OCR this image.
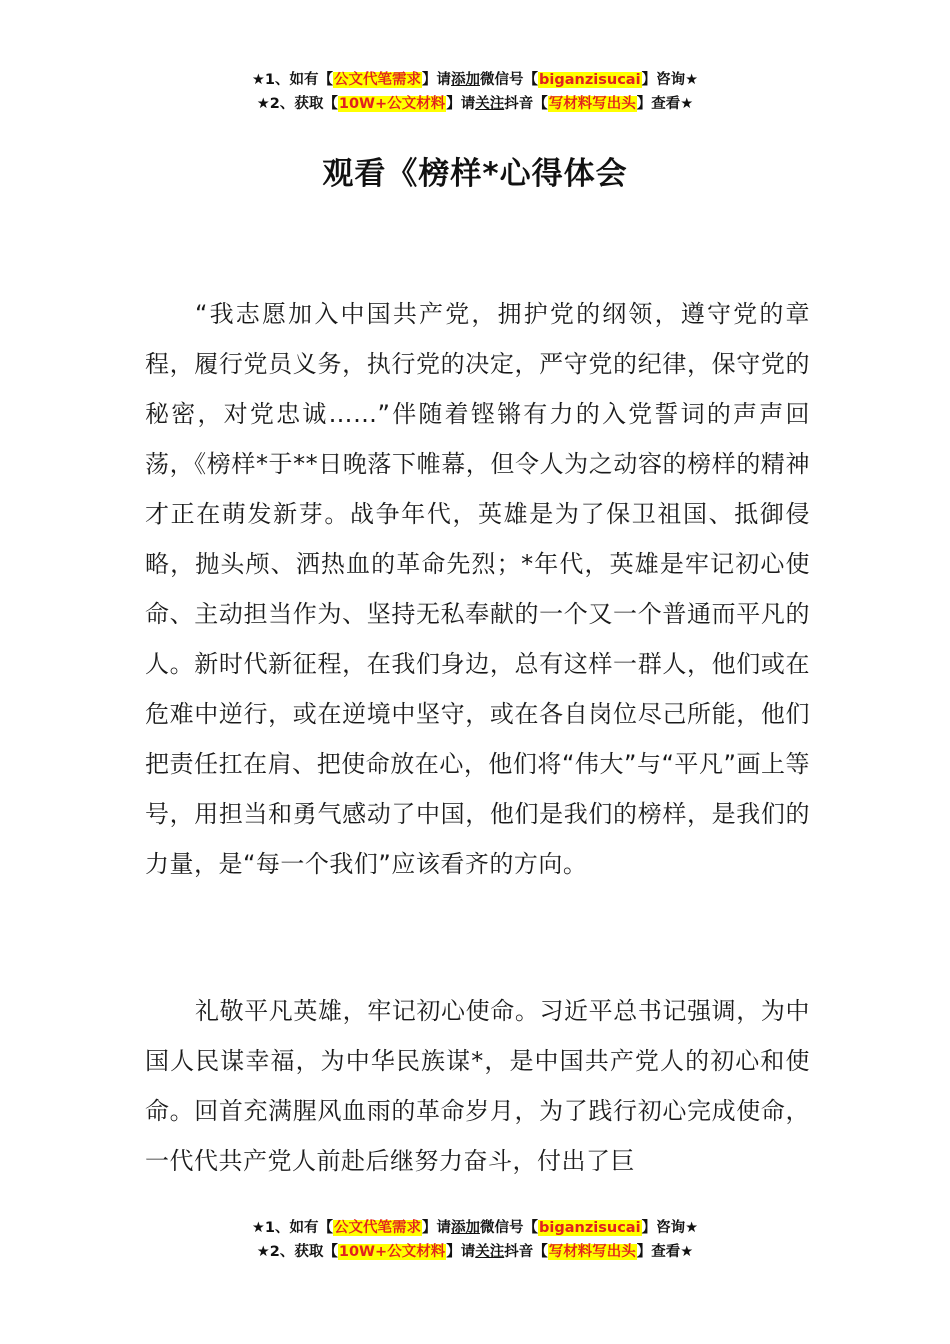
★1、如有【公文代笔需求】请添加微信号【biganzisucai】咨询★
★2、获取【10W+公文材料】请关注抖音【写材料写出头】查看★
观看《榜样*心得体会

“我志愿加入中国共产党，拥护党的纲领，遵守党的章程，履行党员义务，执行党的决定，严守党的纪律，保守党的秘密，对党忠诚……”伴随着铿锵有力的入党誓词的声声回荡，《榜样*于**日晚落下帷幕，但令人为之动容的榜样的精神才正在萌发新芽。战争年代，英雄是为了保卫祖国、抵御侵略，抛头颅、洒热血的革命先烈；*年代，英雄是牢记初心使命、主动担当作为、坚持无私奉献的一个又一个普通而平凡的人。新时代新征程，在我们身边，总有这样一群人，他们或在危难中逆行，或在逆境中坚守，或在各自岗位尽己所能，他们把责任扛在肩、把使命放在心，他们将“伟大”与“平凡”画上等号，用担当和勇气感动了中国，他们是我们的榜样，是我们的力量，是“每一个我们”应该看齐的方向。

礼敬平凡英雄，牢记初心使命。习近平总书记强调，为中国人民谋幸福，为中华民族谋*，是中国共产党人的初心和使命。回首充满腥风血雨的革命岁月，为了践行初心完成使命，一代代共产党人前赴后继努力奋斗，付出了巨

★1、如有【公文代笔需求】请添加微信号【biganzisucai】咨询★
★2、获取【10W+公文材料】请关注抖音【写材料写出头】查看★
